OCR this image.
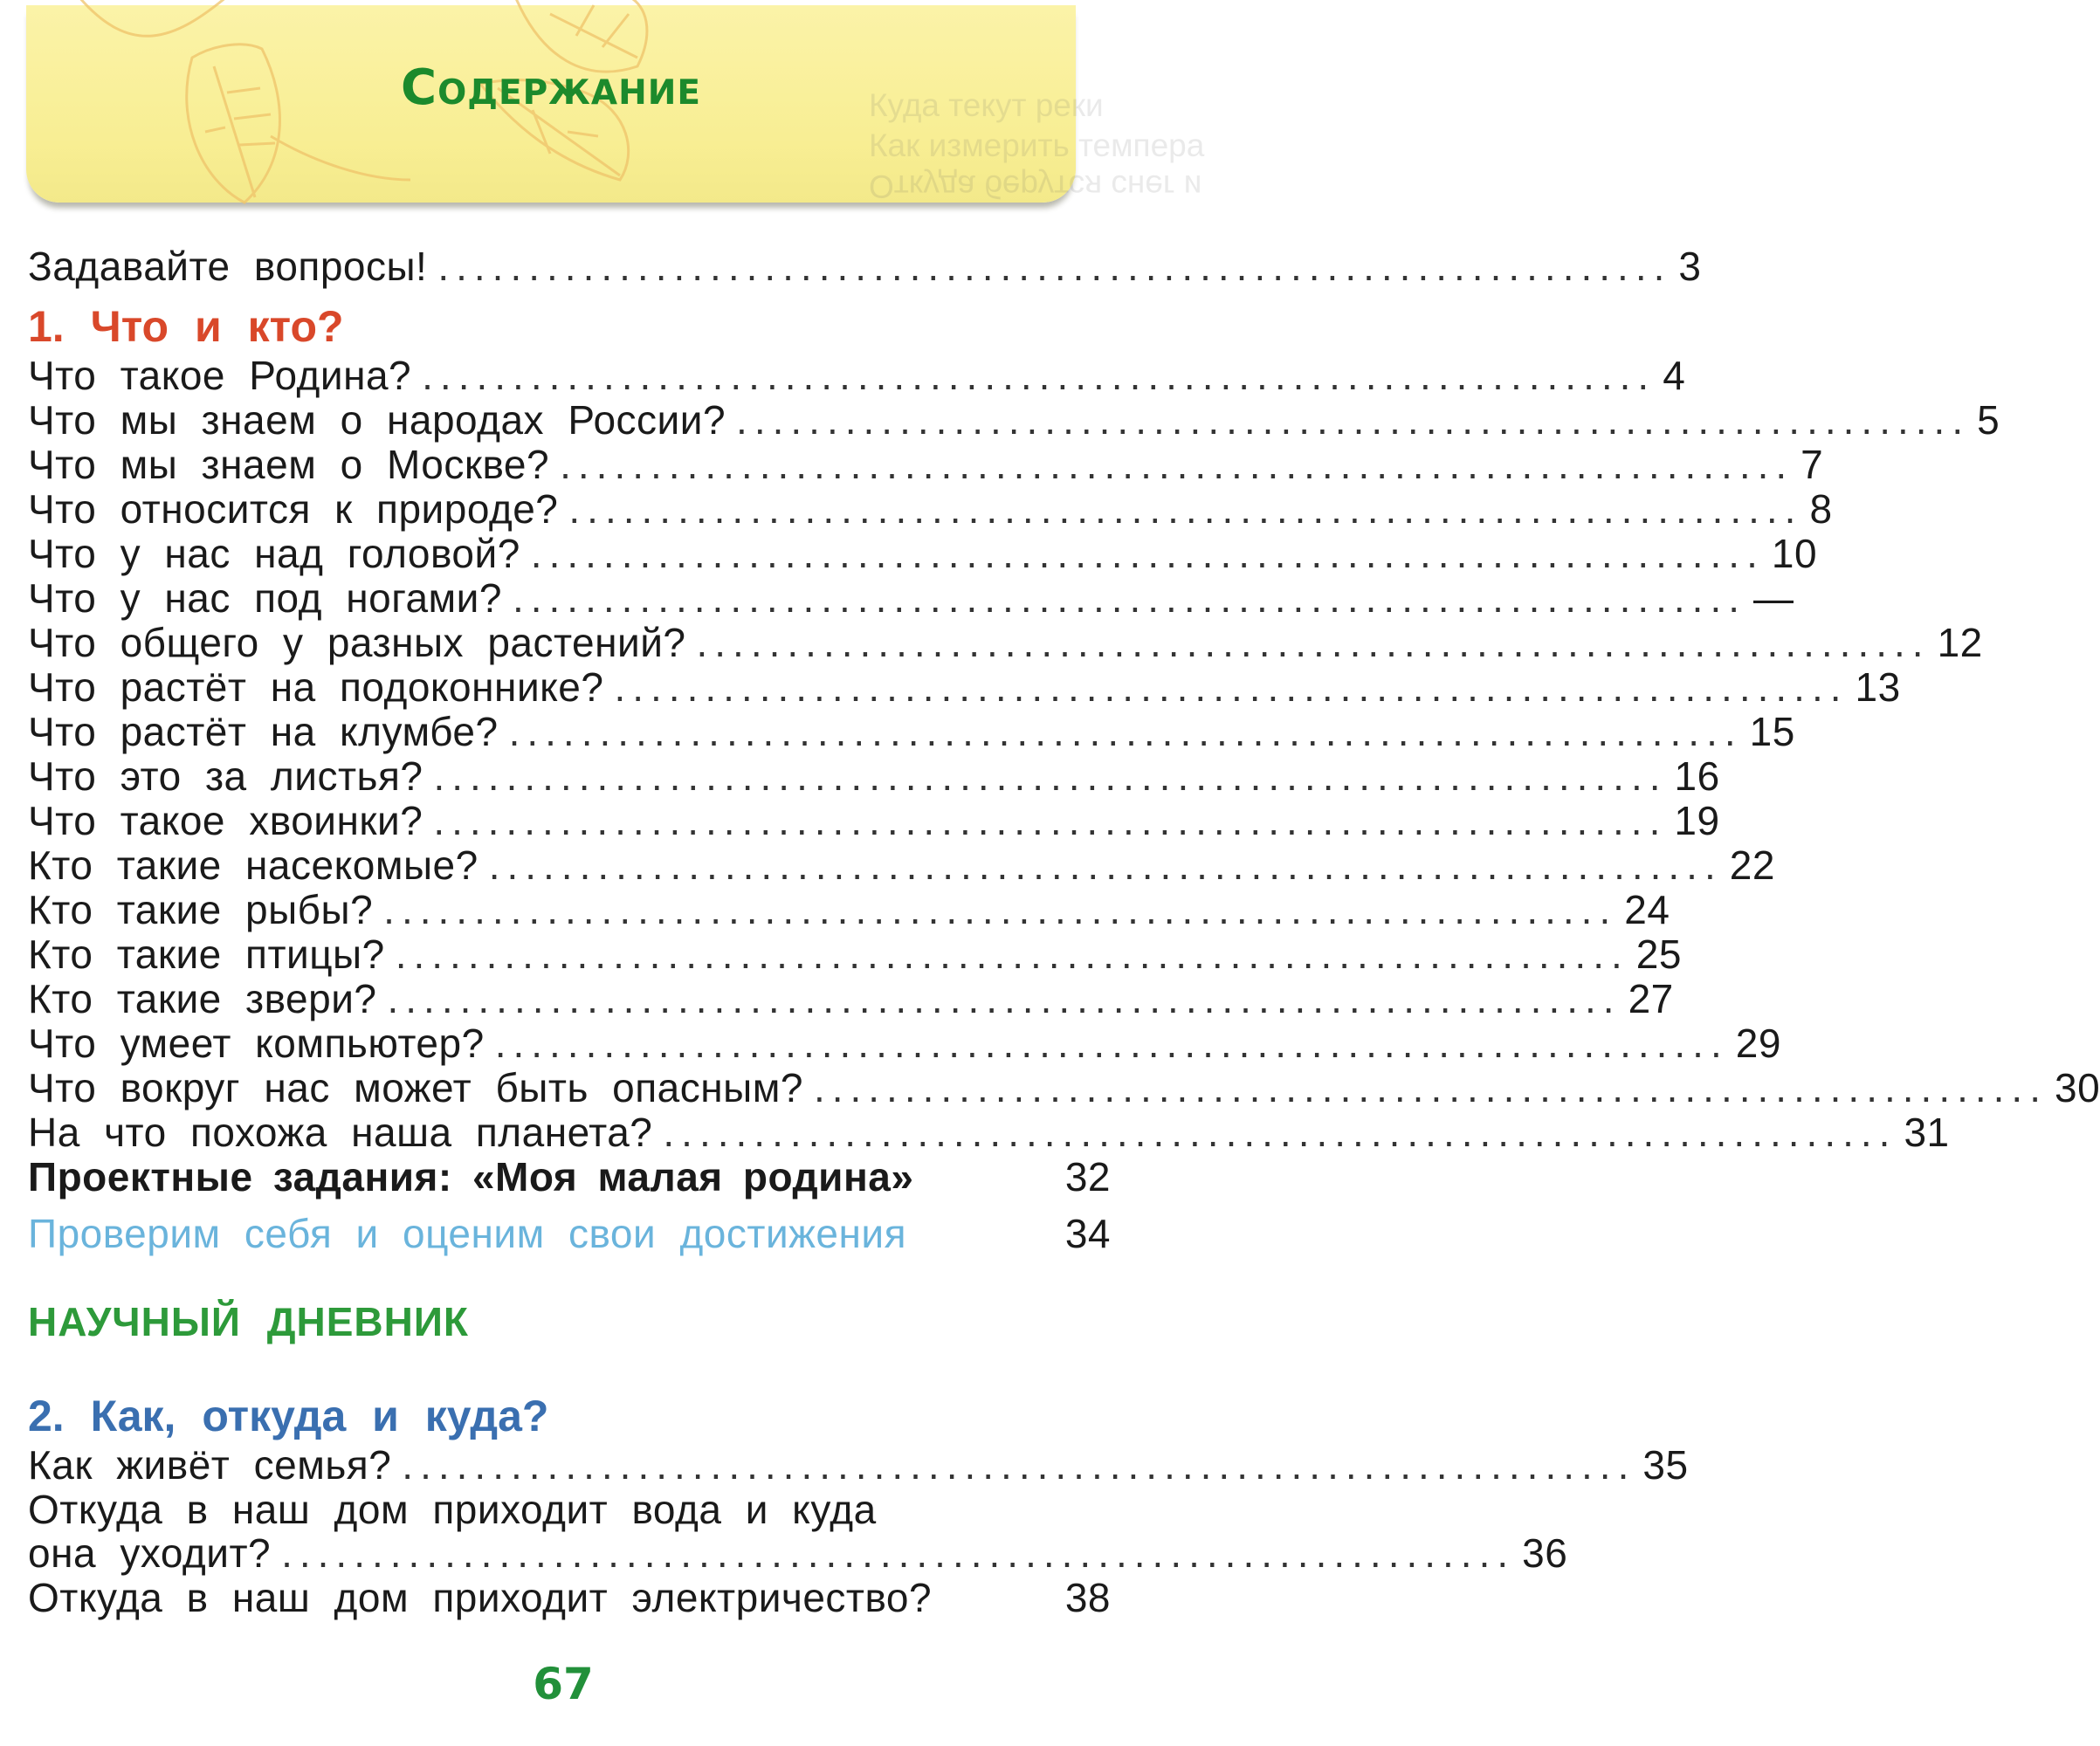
Куда текут реки
Как измерить темпера
Откуда берутся снег и
Содержание
Задавайте вопросы! .................................................................... 3
1. Что и кто?
Что такое Родина? .................................................................... 4
Что мы знаем о народах России? .................................................................... 5
Что мы знаем о Москве? .................................................................... 7
Что относится к природе? .................................................................... 8
Что у нас над головой? .................................................................... 10
Что у нас под ногами? .................................................................... —
Что общего у разных растений? .................................................................... 12
Что растёт на подоконнике? .................................................................... 13
Что растёт на клумбе? .................................................................... 15
Что это за листья? .................................................................... 16
Что такое хвоинки? .................................................................... 19
Кто такие насекомые? .................................................................... 22
Кто такие рыбы? .................................................................... 24
Кто такие птицы? .................................................................... 25
Кто такие звери? .................................................................... 27
Что умеет компьютер? .................................................................... 29
Что вокруг нас может быть опасным? .................................................................... 30
На что похожа наша планета? .................................................................... 31
Проектные задания: «Моя малая родина»	32
Проверим себя и оценим свои достижения	34
НАУЧНЫЙ ДНЕВНИК
2. Как, откуда и куда?
Как живёт семья? .................................................................... 35
Откуда в наш дом приходит вода и куда
она уходит? .................................................................... 36
Откуда в наш дом приходит электричество?	38
67
